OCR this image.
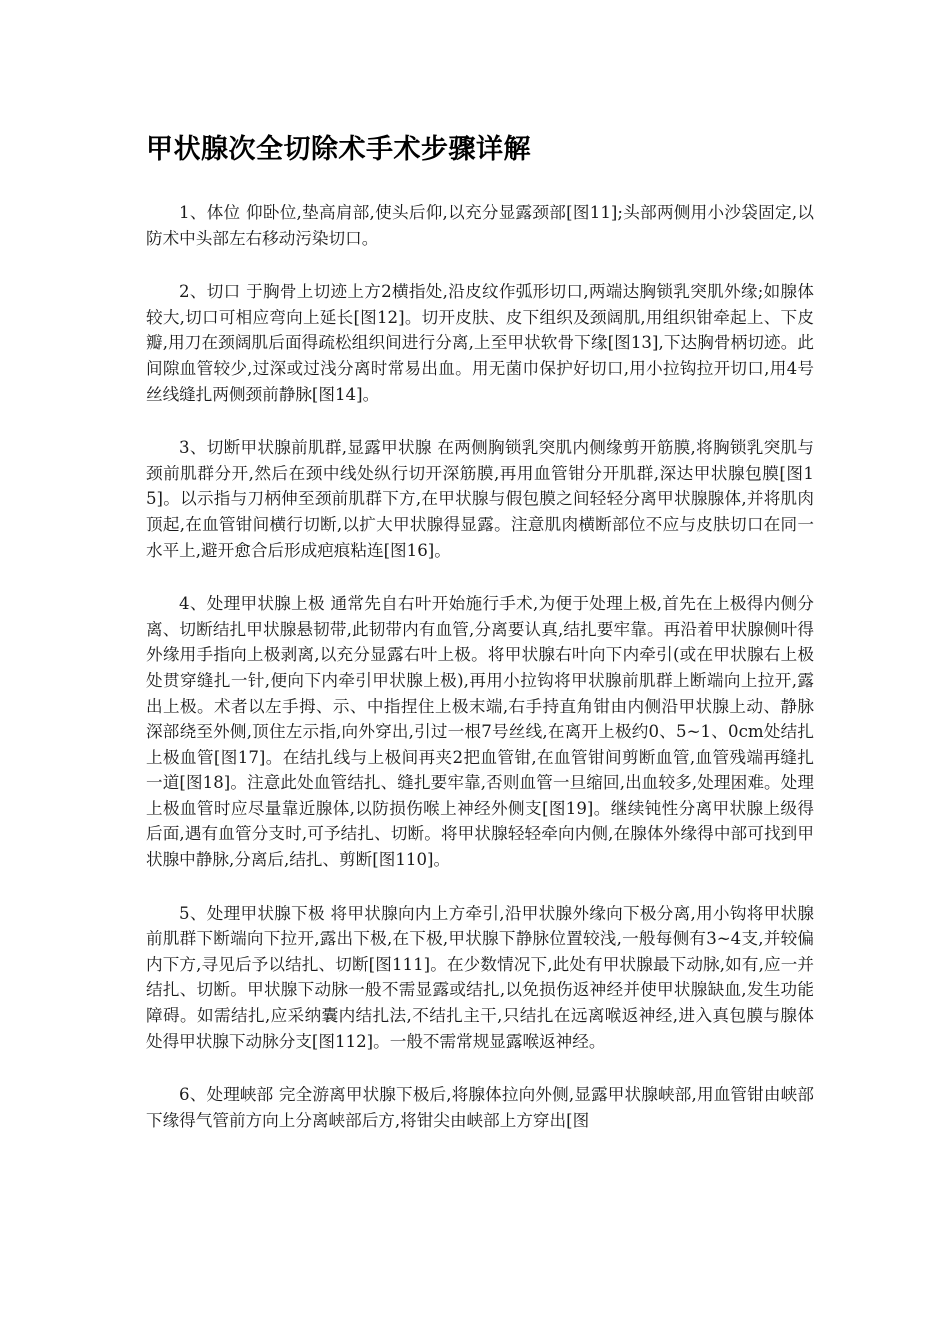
甲状腺次全切除术手术步骤详解

1、体位 仰卧位,垫高肩部,使头后仰,以充分显露颈部[图11];头部两侧用小沙袋固定,以防术中头部左右移动污染切口。

2、切口 于胸骨上切迹上方2横指处,沿皮纹作弧形切口,两端达胸锁乳突肌外缘;如腺体较大,切口可相应弯向上延长[图12]。切开皮肤、皮下组织及颈阔肌,用组织钳牵起上、下皮瓣,用刀在颈阔肌后面得疏松组织间进行分离,上至甲状软骨下缘[图13],下达胸骨柄切迹。此间隙血管较少,过深或过浅分离时常易出血。用无菌巾保护好切口,用小拉钩拉开切口,用4号丝线缝扎两侧颈前静脉[图14]。

3、切断甲状腺前肌群,显露甲状腺 在两侧胸锁乳突肌内侧缘剪开筋膜,将胸锁乳突肌与颈前肌群分开,然后在颈中线处纵行切开深筋膜,再用血管钳分开肌群,深达甲状腺包膜[图15]。以示指与刀柄伸至颈前肌群下方,在甲状腺与假包膜之间轻轻分离甲状腺腺体,并将肌肉顶起,在血管钳间横行切断,以扩大甲状腺得显露。注意肌肉横断部位不应与皮肤切口在同一水平上,避开愈合后形成疤痕粘连[图16]。

4、处理甲状腺上极 通常先自右叶开始施行手术,为便于处理上极,首先在上极得内侧分离、切断结扎甲状腺悬韧带,此韧带内有血管,分离要认真,结扎要牢靠。再沿着甲状腺侧叶得外缘用手指向上极剥离,以充分显露右叶上极。将甲状腺右叶向下内牵引(或在甲状腺右上极处贯穿缝扎一针,便向下内牵引甲状腺上极),再用小拉钩将甲状腺前肌群上断端向上拉开,露出上极。术者以左手拇、示、中指捏住上极末端,右手持直角钳由内侧沿甲状腺上动、静脉深部绕至外侧,顶住左示指,向外穿出,引过一根7号丝线,在离开上极约0、5~1、0cm处结扎上极血管[图17]。在结扎线与上极间再夹2把血管钳,在血管钳间剪断血管,血管残端再缝扎一道[图18]。注意此处血管结扎、缝扎要牢靠,否则血管一旦缩回,出血较多,处理困难。处理上极血管时应尽量靠近腺体,以防损伤喉上神经外侧支[图19]。继续钝性分离甲状腺上级得后面,遇有血管分支时,可予结扎、切断。将甲状腺轻轻牵向内侧,在腺体外缘得中部可找到甲状腺中静脉,分离后,结扎、剪断[图110]。

5、处理甲状腺下极 将甲状腺向内上方牵引,沿甲状腺外缘向下极分离,用小钩将甲状腺前肌群下断端向下拉开,露出下极,在下极,甲状腺下静脉位置较浅,一般每侧有3~4支,并较偏内下方,寻见后予以结扎、切断[图111]。在少数情况下,此处有甲状腺最下动脉,如有,应一并结扎、切断。甲状腺下动脉一般不需显露或结扎,以免损伤返神经并使甲状腺缺血,发生功能障碍。如需结扎,应采纳囊内结扎法,不结扎主干,只结扎在远离喉返神经,进入真包膜与腺体处得甲状腺下动脉分支[图112]。一般不需常规显露喉返神经。

6、处理峡部 完全游离甲状腺下极后,将腺体拉向外侧,显露甲状腺峡部,用血管钳由峡部下缘得气管前方向上分离峡部后方,将钳尖由峡部上方穿出[图
